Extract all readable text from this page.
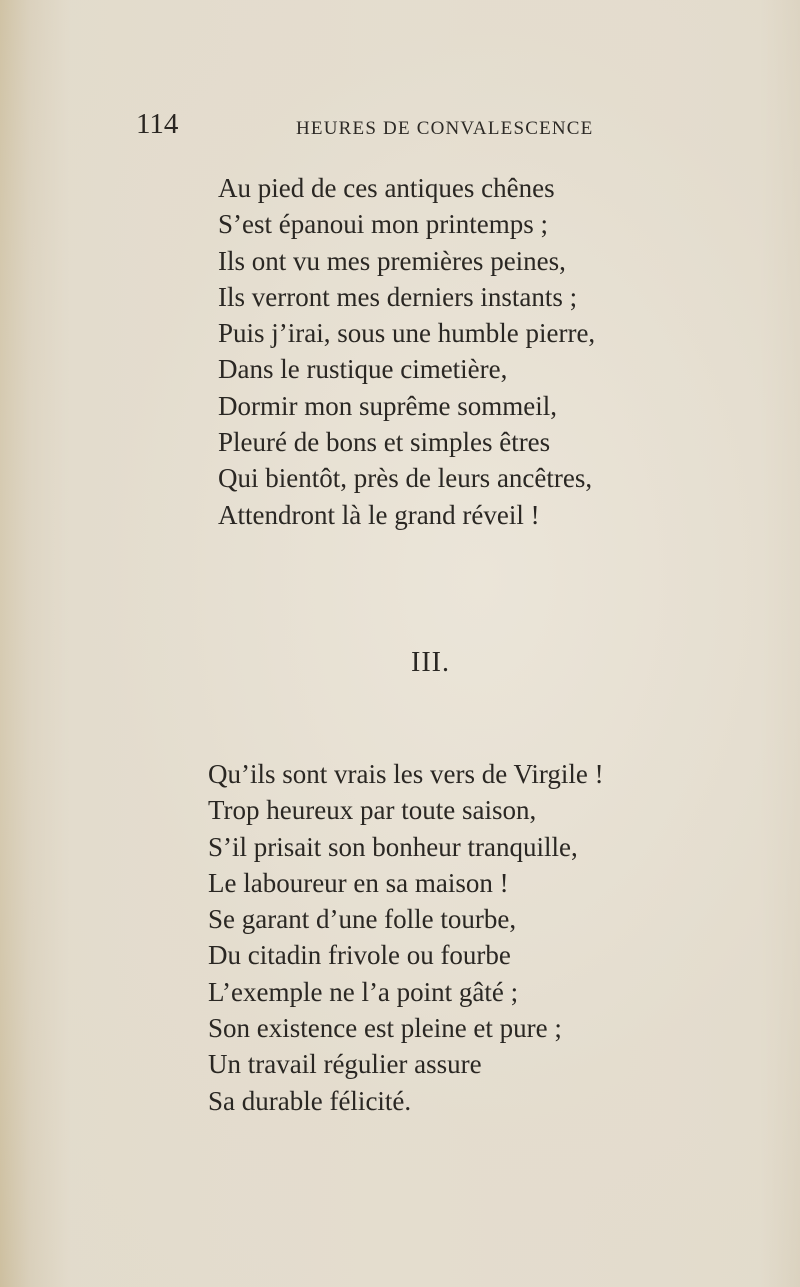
114	HEURES DE CONVALESCENCE
Au pied de ces antiques chênes
S’est épanoui mon printemps ;
Ils ont vu mes premières peines,
Ils verront mes derniers instants ;
Puis j’irai, sous une humble pierre,
Dans le rustique cimetière,
Dormir mon suprême sommeil,
Pleuré de bons et simples êtres
Qui bientôt, près de leurs ancêtres,
Attendront là le grand réveil !
III.
Qu’ils sont vrais les vers de Virgile !
Trop heureux par toute saison,
S’il prisait son bonheur tranquille,
Le laboureur en sa maison !
Se garant d’une folle tourbe,
Du citadin frivole ou fourbe
L’exemple ne l’a point gâté ;
Son existence est pleine et pure ;
Un travail régulier assure
Sa durable félicité.
